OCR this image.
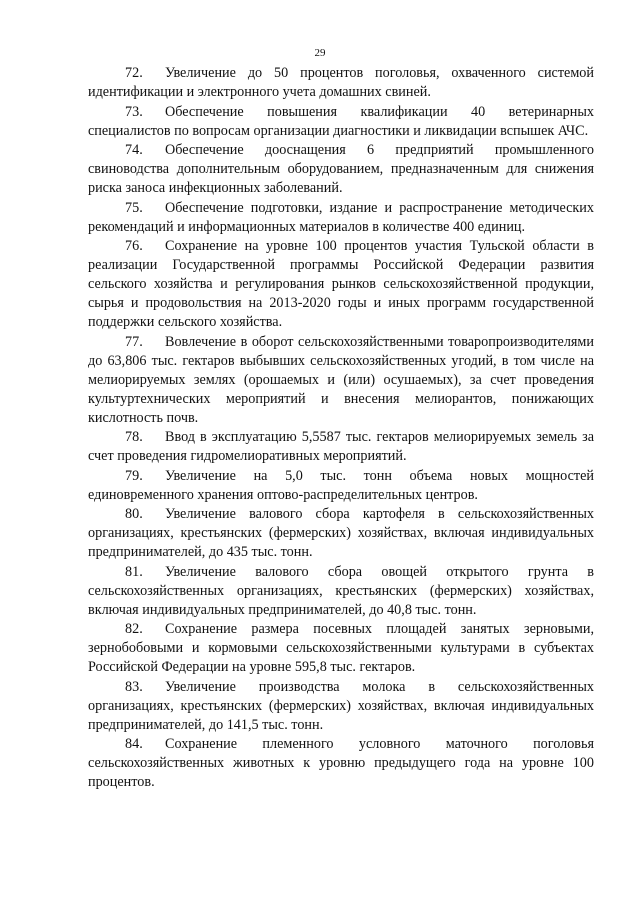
29

72. Увеличение до 50 процентов поголовья, охваченного системой идентификации и электронного учета домашних свиней.

73. Обеспечение повышения квалификации 40 ветеринарных специалистов по вопросам организации диагностики и ликвидации вспышек АЧС.

74. Обеспечение дооснащения 6 предприятий промышленного свиноводства дополнительным оборудованием, предназначенным для снижения риска заноса инфекционных заболеваний.

75. Обеспечение подготовки, издание и распространение методических рекомендаций и информационных материалов в количестве 400 единиц.

76. Сохранение на уровне 100 процентов участия Тульской области в реализации Государственной программы Российской Федерации развития сельского хозяйства и регулирования рынков сельскохозяйственной продукции, сырья и продовольствия на 2013-2020 годы и иных программ государственной поддержки сельского хозяйства.

77. Вовлечение в оборот сельскохозяйственными товаропроизводителями до 63,806 тыс. гектаров выбывших сельскохозяйственных угодий, в том числе на мелиорируемых землях (орошаемых и (или) осушаемых), за счет проведения культуртехнических мероприятий и внесения мелиорантов, понижающих кислотность почв.

78. Ввод в эксплуатацию 5,5587 тыс. гектаров мелиорируемых земель за счет проведения гидромелиоративных мероприятий.

79. Увеличение на 5,0 тыс. тонн объема новых мощностей единовременного хранения оптово-распределительных центров.

80. Увеличение валового сбора картофеля в сельскохозяйственных организациях, крестьянских (фермерских) хозяйствах, включая индивидуальных предпринимателей, до 435 тыс. тонн.

81. Увеличение валового сбора овощей открытого грунта в сельскохозяйственных организациях, крестьянских (фермерских) хозяйствах, включая индивидуальных предпринимателей, до 40,8 тыс. тонн.

82. Сохранение размера посевных площадей занятых зерновыми, зернобобовыми и кормовыми сельскохозяйственными культурами в субъектах Российской Федерации на уровне 595,8 тыс. гектаров.

83. Увеличение производства молока в сельскохозяйственных организациях, крестьянских (фермерских) хозяйствах, включая индивидуальных предпринимателей, до 141,5 тыс. тонн.

84. Сохранение племенного условного маточного поголовья сельскохозяйственных животных к уровню предыдущего года на уровне 100 процентов.
